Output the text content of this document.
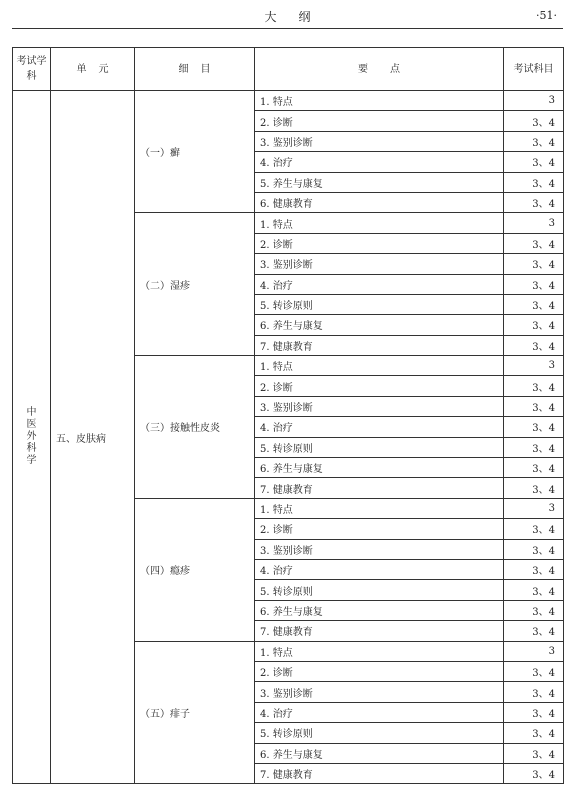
大纲	·51·
考试学科	单元	细目	要点	考试科目
中医外科学	五、皮肤病	（一）癣	1. 特点	3
			2. 诊断	3、4
			3. 鉴别诊断	3、4
			4. 治疗	3、4
			5. 养生与康复	3、4
			6. 健康教育	3、4
		（二）湿疹	1. 特点	3
			2. 诊断	3、4
			3. 鉴别诊断	3、4
			4. 治疗	3、4
			5. 转诊原则	3、4
			6. 养生与康复	3、4
			7. 健康教育	3、4
		（三）接触性皮炎	1. 特点	3
			2. 诊断	3、4
			3. 鉴别诊断	3、4
			4. 治疗	3、4
			5. 转诊原则	3、4
			6. 养生与康复	3、4
			7. 健康教育	3、4
		（四）瘾疹	1. 特点	3
			2. 诊断	3、4
			3. 鉴别诊断	3、4
			4. 治疗	3、4
			5. 转诊原则	3、4
			6. 养生与康复	3、4
			7. 健康教育	3、4
		（五）痱子	1. 特点	3
			2. 诊断	3、4
			3. 鉴别诊断	3、4
			4. 治疗	3、4
			5. 转诊原则	3、4
			6. 养生与康复	3、4
			7. 健康教育	3、4
